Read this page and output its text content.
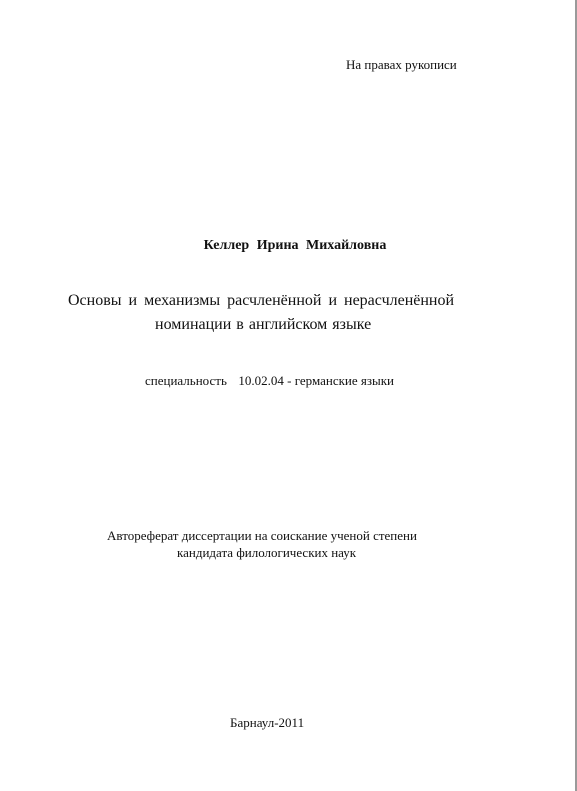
На правах рукописи
Келлер Ирина Михайловна
Основы и механизмы расчленённой и нерасчленённой
номинации в английском языке
специальность 10.02.04 - германские языки
Автореферат диссертации на соискание ученой степени
кандидата филологических наук
Барнаул-2011
